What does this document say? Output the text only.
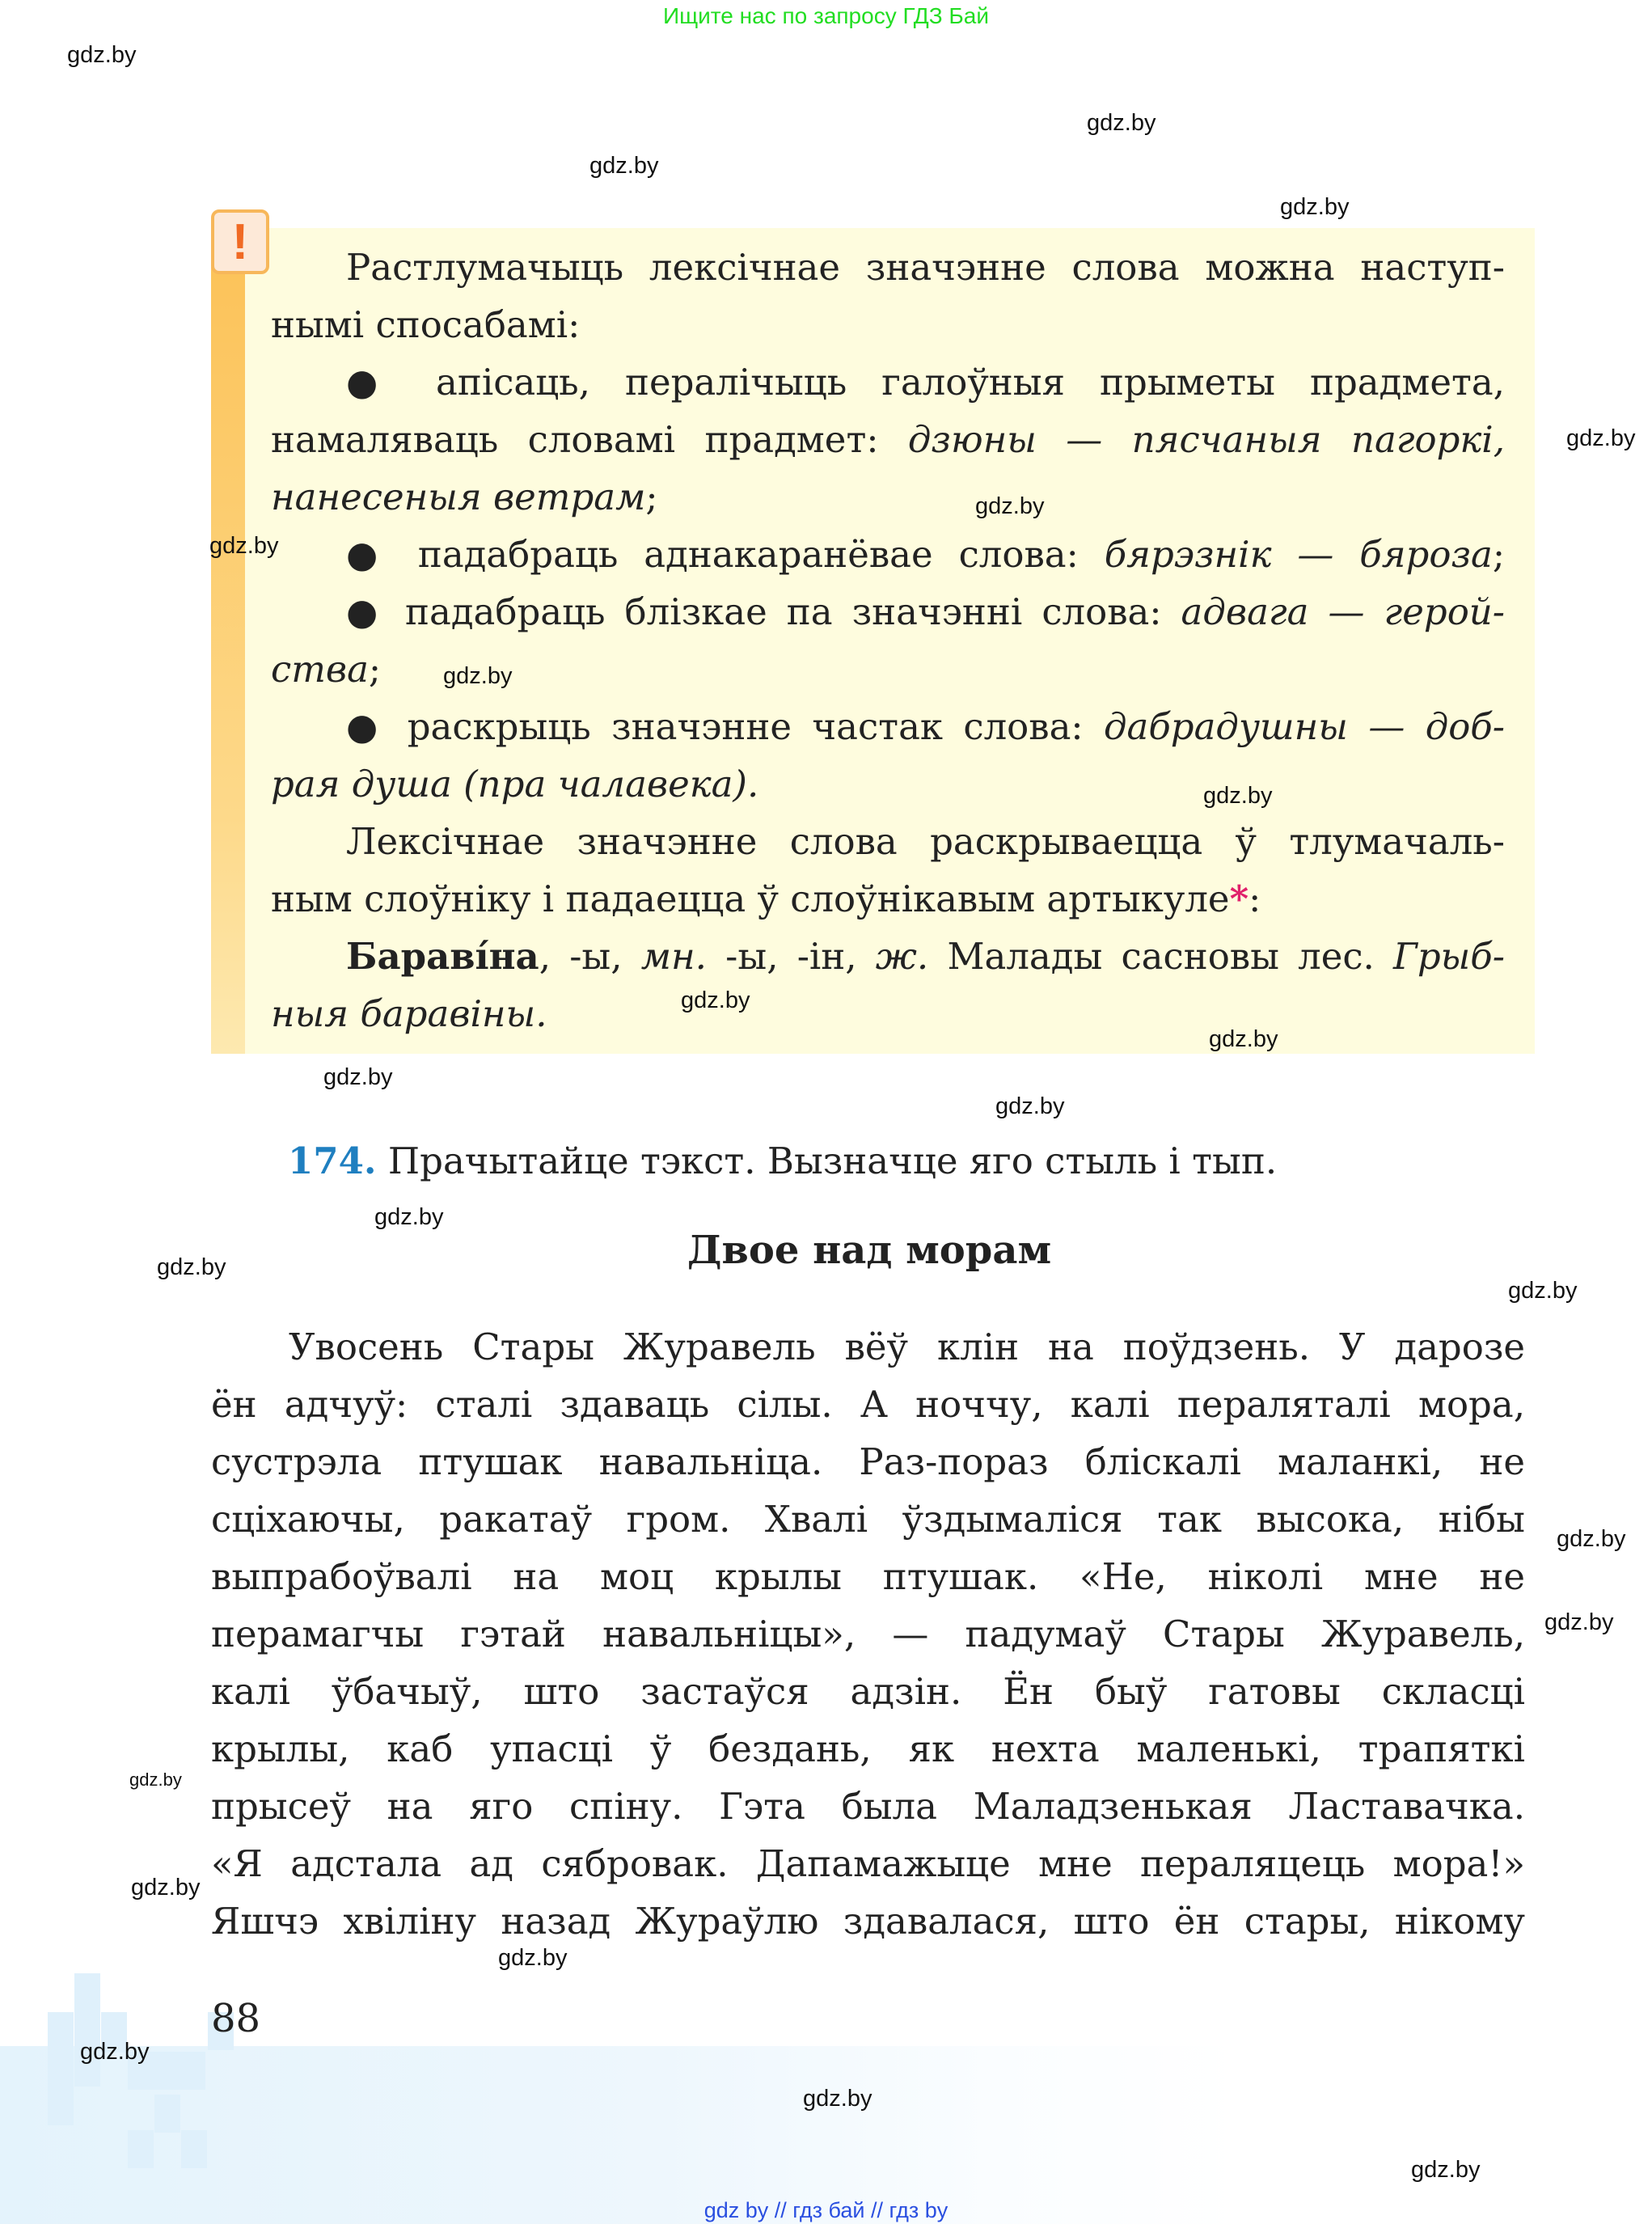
Ищите нас по запросу ГДЗ Бай
!	Растлумачыць лексічнае значэнне слова можна наступ-
нымі спосабамі:
● апісаць, пералічыць галоўныя прыметы прадмета,
намаляваць словамі прадмет: дзюны — пясчаныя пагоркі,
нанесеныя ветрам;
● падабраць аднакаранёвае слова: бярэзнік — бяроза;
● падабраць блізкае па значэнні слова: адвага — герой-
ства;
● раскрыць значэнне частак слова: дабрадушны — доб-
рая душа (пра чалавека).
Лексічнае значэнне слова раскрываецца ў тлумачаль-
ным слоўніку і падаецца ў слоўнікавым артыкуле*:
Бараві́на, -ы, мн. -ы, -ін, ж. Малады сасновы лес. Грыб-
ныя баравіны.
174. Прачытайце тэкст. Вызначце яго стыль і тып.
Двое над морам
Увосень Стары Журавель вёў клін на поўдзень. У дарозе
ён адчуў: сталі здаваць сілы. А ноччу, калі пераляталі мора,
сустрэла птушак навальніца. Раз-пораз бліскалі маланкі, не
сціхаючы, ракатаў гром. Хвалі ўздымаліся так высока, нібы
выпрабоўвалі на моц крылы птушак. «Не, ніколі мне не
перамагчы гэтай навальніцы», — падумаў Стары Журавель,
калі ўбачыў, што застаўся адзін. Ён быў гатовы скласці
крылы, каб упасці ў бездань, як нехта маленькі, трапяткі
прысеў на яго спіну. Гэта была Маладзенькая Ластавачка.
«Я адстала ад сябровак. Дапамажыце мне пераляцець мора!»
Яшчэ хвіліну назад Жураўлю здавалася, што ён стары, нікому
88
gdz.by
gdz.by
gdz.by
gdz.by
gdz.by
gdz.by
gdz.by
gdz.by
gdz.by
gdz.by
gdz.by
gdz.by
gdz.by
gdz.by
gdz.by
gdz.by
gdz.by
gdz.by
gdz.by
gdz.by
gdz.by
gdz.by
gdz.by
gdz.by
gdz by // гдз бай // гдз by
